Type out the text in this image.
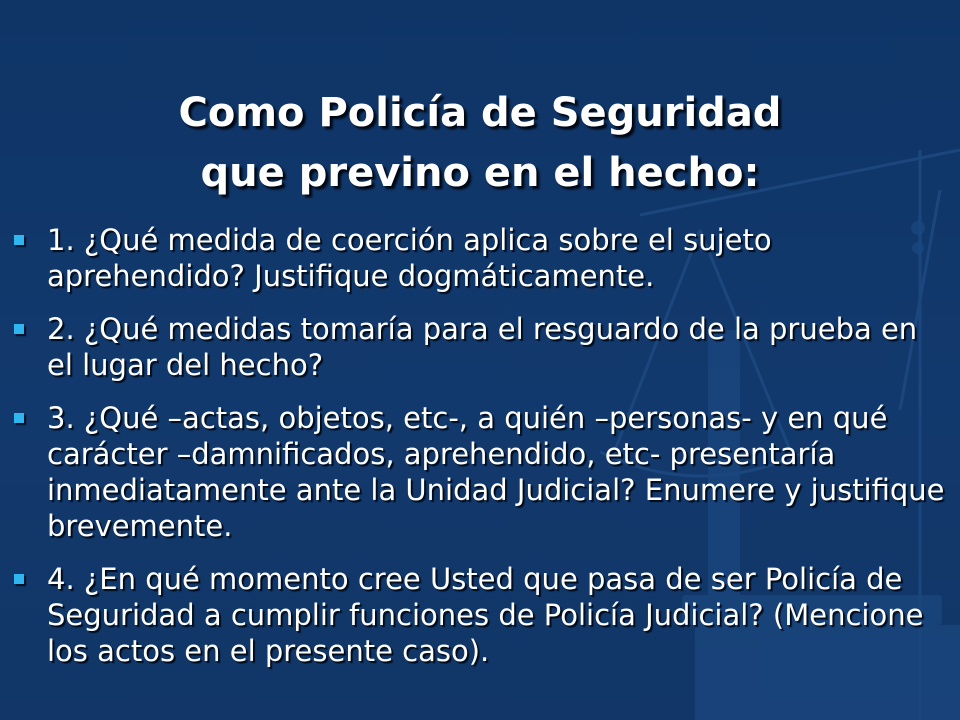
Como Policía de Seguridad
que previno en el hecho:
1. ¿Qué medida de coerción aplica sobre el sujeto aprehendido? Justifique dogmáticamente.
2. ¿Qué medidas tomaría para el resguardo de la prueba en el lugar del hecho?
3. ¿Qué –actas, objetos, etc-, a quién –personas- y en qué carácter –damnificados, aprehendido, etc- presentaría inmediatamente ante la Unidad Judicial? Enumere y justifique brevemente.
4. ¿En qué momento cree Usted que pasa de ser Policía de Seguridad a cumplir funciones de Policía Judicial? (Mencione los actos en el presente caso).
